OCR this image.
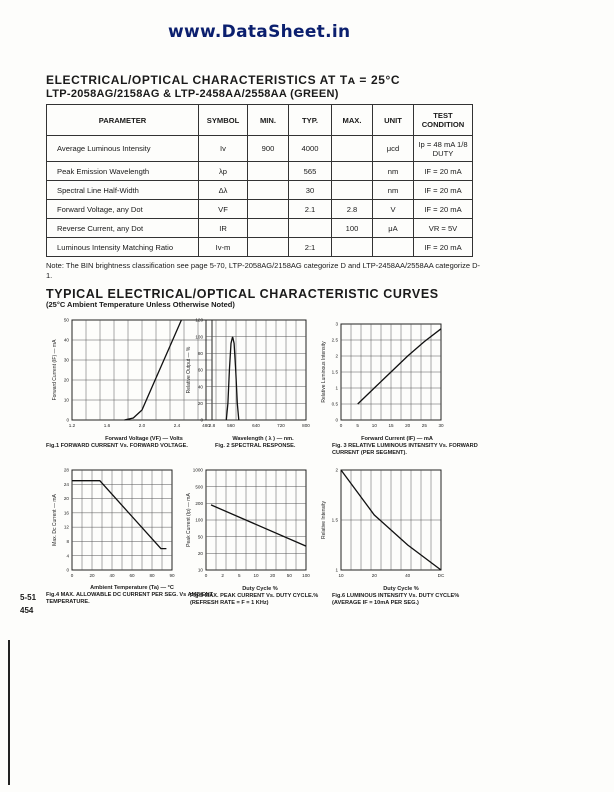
www.DataSheet.in
ELECTRICAL/OPTICAL CHARACTERISTICS AT Tᴀ = 25°C
LTP-2058AG/2158AG & LTP-2458AA/2558AA (GREEN)
PARAMETER	SYMBOL	MIN.	TYP.	MAX.	UNIT	TEST CONDITION
Average Luminous Intensity	Iv	900	4000		μcd	Ip = 48 mA 1/8 DUTY
Peak Emission Wavelength	λp		565		nm	IF = 20 mA
Spectral Line Half-Width	Δλ		30		nm	IF = 20 mA
Forward Voltage, any Dot	VF		2.1	2.8	V	IF = 20 mA
Reverse Current, any Dot	IR			100	μA	VR = 5V
Luminous Intensity Matching Ratio	Iv-m		2:1			IF = 20 mA
Note: The BIN brightness classification see page 5-70, LTP-2058AG/2158AG categorize D and LTP-2458AA/2558AA categorize D-1.
TYPICAL ELECTRICAL/OPTICAL CHARACTERISTIC CURVES
(25°C Ambient Temperature Unless Otherwise Noted)
1.2	1.6	2.0	2.4	2.8
0
10
20
30
40
50
Forward Current (IF) — mA
480	560	640	720	800
0
20
40
60
80
100
120
Relative Output — %
0	5	10	15	20	25	30
0
0.5
1
1.5
2
2.5
3
Relative Luminous Intensity
0	20	40	60	80	90
0
4
8
12
16
20
24
28
Max. Dc Current — mA
0	2	5	10	20	50 100
10
20
50
100
200
500
1000
Peak Current (Ip) — mA
10	20	40	DC
1
1.5
2
Relative Intensity
Forward Voltage (VF) — Volts
Fig.1 FORWARD CURRENT Vs. FORWARD VOLTAGE.
Wavelength ( λ ) — nm.
Fig. 2 SPECTRAL RESPONSE.
Forward Current (IF) — mA
Fig. 3 RELATIVE LUMINOUS INTENSITY Vs. FORWARD CURRENT (PER SEGMENT).
Ambient Temperature (Ta) — °C
Fig.4 MAX. ALLOWABLE DC CURRENT PER SEG. Vs AMBIENT TEMPERATURE.
Duty Cycle %
Fig.5 MAX. PEAK CURRENT Vs. DUTY CYCLE.% (REFRESH RATE = F = 1 KHz)
Duty Cycle %
Fig.6 LUMINOUS INTENSITY Vs. DUTY CYCLE% (AVERAGE IF = 10mA PER SEG.)
5-51
454
